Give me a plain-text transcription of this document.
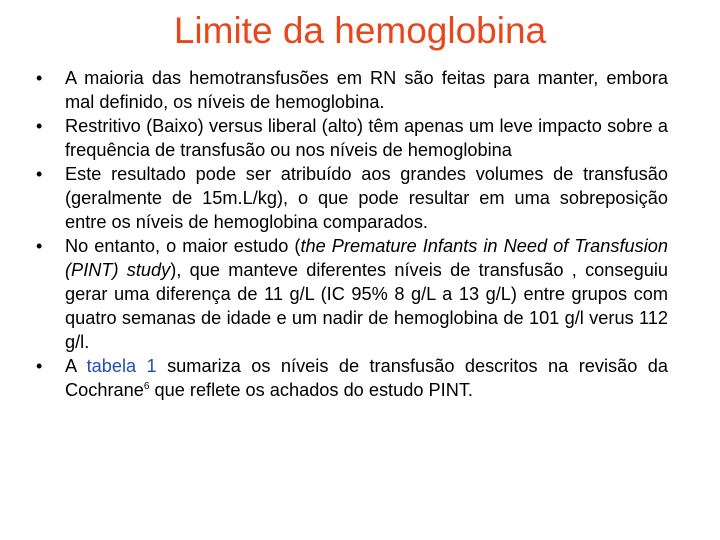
Limite da hemoglobina
•	A maioria das hemotransfusões em RN são feitas para manter, embora mal definido, os níveis de hemoglobina.
•	Restritivo (Baixo) versus liberal (alto) têm apenas um leve impacto sobre a frequência de transfusão ou nos níveis de hemoglobina
•	Este resultado pode ser atribuído aos grandes volumes de transfusão (geralmente de 15m.L/kg), o que pode resultar em uma sobreposição entre os níveis de hemoglobina comparados.
•	No entanto, o maior estudo (the Premature Infants in Need of Transfusion (PINT) study), que manteve diferentes níveis de transfusão , conseguiu gerar uma diferença de 11 g/L (IC 95% 8 g/L a 13 g/L) entre grupos com quatro semanas de idade e um nadir de hemoglobina de 101 g/l verus 112 g/l.
•	A tabela 1 sumariza os níveis de transfusão descritos na revisão da Cochrane$^6$ que reflete os achados do estudo PINT.
